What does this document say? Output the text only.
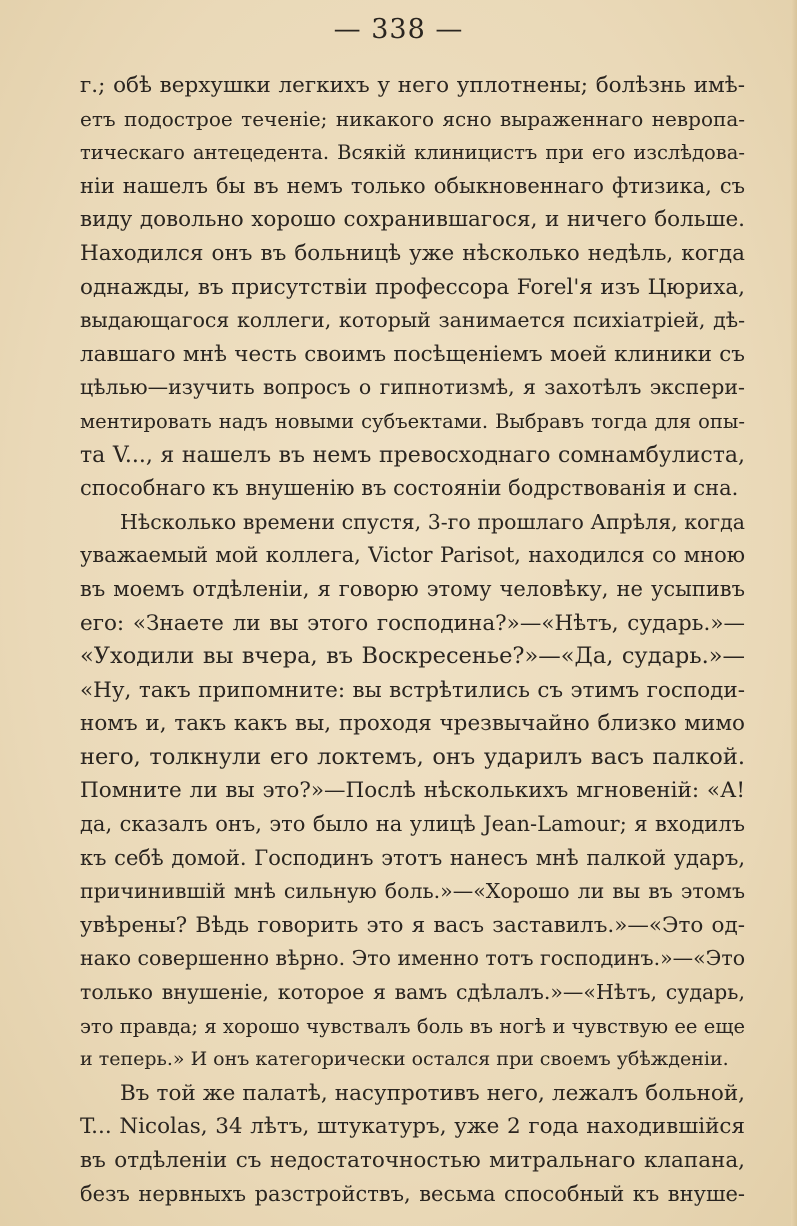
— 338 —
г.; обѣ верхушки легкихъ у него уплотнены; болѣзнь имѣ-
етъ подострое теченіе; никакого ясно выраженнаго невропа-
тическаго антецедента. Всякій клиницистъ при его изслѣдова-
ніи нашелъ бы въ немъ только обыкновеннаго фтизика, съ
виду довольно хорошо сохранившагося, и ничего больше.
Находился онъ въ больницѣ уже нѣсколько недѣль, когда
однажды, въ присутствіи профессора Forel'я изъ Цюриха,
выдающагося коллеги, который занимается психіатріей, дѣ-
лавшаго мнѣ честь своимъ посѣщеніемъ моей клиники съ
цѣлью—изучить вопросъ о гипнотизмѣ, я захотѣлъ экспери-
ментировать надъ новыми субъектами. Выбравъ тогда для опы-
та V..., я нашелъ въ немъ превосходнаго сомнамбулиста,
способнаго къ внушенію въ состояніи бодрствованія и сна.
Нѣсколько времени спустя, 3-го прошлаго Апрѣля, когда
уважаемый мой коллега, Victor Parisot, находился со мною
въ моемъ отдѣленіи, я говорю этому человѣку, не усыпивъ
его: «Знаете ли вы этого господина?»—«Нѣтъ, сударь.»—
«Уходили вы вчера, въ Воскресенье?»—«Да, сударь.»—
«Ну, такъ припомните: вы встрѣтились съ этимъ господи-
номъ и, такъ какъ вы, проходя чрезвычайно близко мимо
него, толкнули его локтемъ, онъ ударилъ васъ палкой.
Помните ли вы это?»—Послѣ нѣсколькихъ мгновеній: «А!
да, сказалъ онъ, это было на улицѣ Jean-Lamour; я входилъ
къ себѣ домой. Господинъ этотъ нанесъ мнѣ палкой ударъ,
причинившій мнѣ сильную боль.»—«Хорошо ли вы въ этомъ
увѣрены? Вѣдь говорить это я васъ заставилъ.»—«Это од-
нако совершенно вѣрно. Это именно тотъ господинъ.»—«Это
только внушеніе, которое я вамъ сдѣлалъ.»—«Нѣтъ, сударь,
это правда; я хорошо чувствалъ боль въ ногѣ и чувствую ее еще
и теперь.» И онъ категорически остался при своемъ убѣжденіи.
Въ той же палатѣ, насупротивъ него, лежалъ больной,
T... Nicolas, 34 лѣтъ, штукатуръ, уже 2 года находившійся
въ отдѣленіи съ недостаточностью митральнаго клапана,
безъ нервныхъ разстройствъ, весьма способный къ внуше-
